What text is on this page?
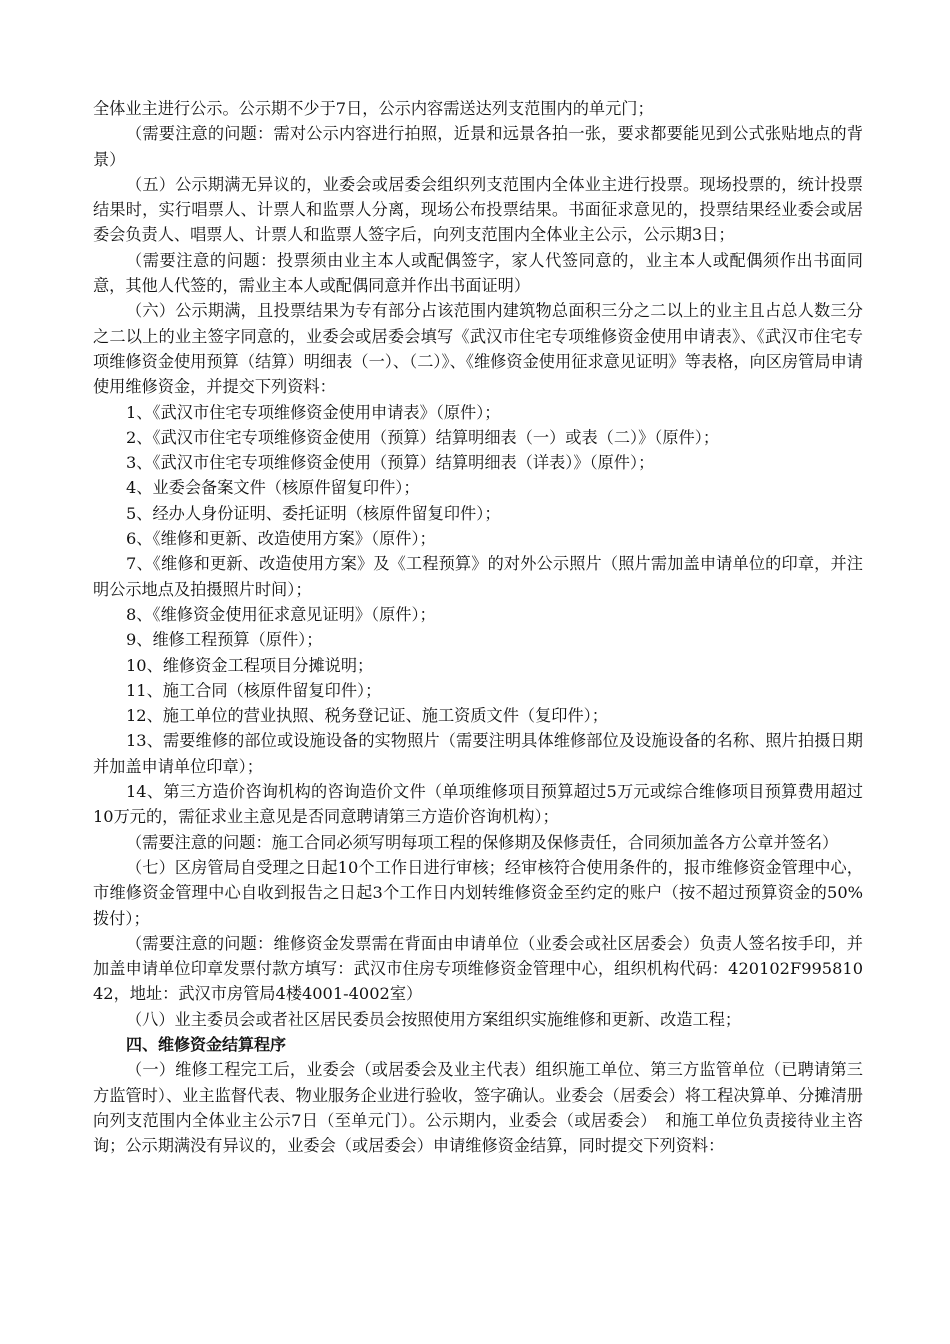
全体业主进行公示。公示期不少于7日，公示内容需送达列支范围内的单元门；

（需要注意的问题：需对公示内容进行拍照，近景和远景各拍一张，要求都要能见到公式张贴地点的背景）

（五）公示期满无异议的，业委会或居委会组织列支范围内全体业主进行投票。现场投票的，统计投票结果时，实行唱票人、计票人和监票人分离，现场公布投票结果。书面征求意见的，投票结果经业委会或居委会负责人、唱票人、计票人和监票人签字后，向列支范围内全体业主公示，公示期3日；

（需要注意的问题：投票须由业主本人或配偶签字，家人代签同意的，业主本人或配偶须作出书面同意，其他人代签的，需业主本人或配偶同意并作出书面证明）

（六）公示期满，且投票结果为专有部分占该范围内建筑物总面积三分之二以上的业主且占总人数三分之二以上的业主签字同意的，业委会或居委会填写《武汉市住宅专项维修资金使用申请表》、《武汉市住宅专项维修资金使用预算（结算）明细表（一）、（二）》、《维修资金使用征求意见证明》等表格，向区房管局申请使用维修资金，并提交下列资料：

1、《武汉市住宅专项维修资金使用申请表》（原件）；

2、《武汉市住宅专项维修资金使用（预算）结算明细表（一）或表（二）》（原件）；

3、《武汉市住宅专项维修资金使用（预算）结算明细表（详表）》（原件）；

4、业委会备案文件（核原件留复印件）；

5、经办人身份证明、委托证明（核原件留复印件）；

6、《维修和更新、改造使用方案》（原件）；

7、《维修和更新、改造使用方案》及《工程预算》的对外公示照片（照片需加盖申请单位的印章，并注明公示地点及拍摄照片时间）；

8、《维修资金使用征求意见证明》（原件）；

9、维修工程预算（原件）；

10、维修资金工程项目分摊说明；

11、施工合同（核原件留复印件）；

12、施工单位的营业执照、税务登记证、施工资质文件（复印件）；

13、需要维修的部位或设施设备的实物照片（需要注明具体维修部位及设施设备的名称、照片拍摄日期并加盖申请单位印章）；

14、第三方造价咨询机构的咨询造价文件（单项维修项目预算超过5万元或综合维修项目预算费用超过10万元的，需征求业主意见是否同意聘请第三方造价咨询机构）；

（需要注意的问题：施工合同必须写明每项工程的保修期及保修责任，合同须加盖各方公章并签名）

（七）区房管局自受理之日起10个工作日进行审核；经审核符合使用条件的，报市维修资金管理中心，市维修资金管理中心自收到报告之日起3个工作日内划转维修资金至约定的账户（按不超过预算资金的50%拨付）；

（需要注意的问题：维修资金发票需在背面由申请单位（业委会或社区居委会）负责人签名按手印，并加盖申请单位印章发票付款方填写：武汉市住房专项维修资金管理中心，组织机构代码：420102F99581042，地址：武汉市房管局4楼4001-4002室）

（八）业主委员会或者社区居民委员会按照使用方案组织实施维修和更新、改造工程；

四、维修资金结算程序

（一）维修工程完工后，业委会（或居委会及业主代表）组织施工单位、第三方监管单位（已聘请第三方监管时）、业主监督代表、物业服务企业进行验收，签字确认。业委会（居委会）将工程决算单、分摊清册向列支范围内全体业主公示7日（至单元门）。公示期内，业委会（或居委会）　和施工单位负责接待业主咨询；公示期满没有异议的，业委会（或居委会）申请维修资金结算，同时提交下列资料：
